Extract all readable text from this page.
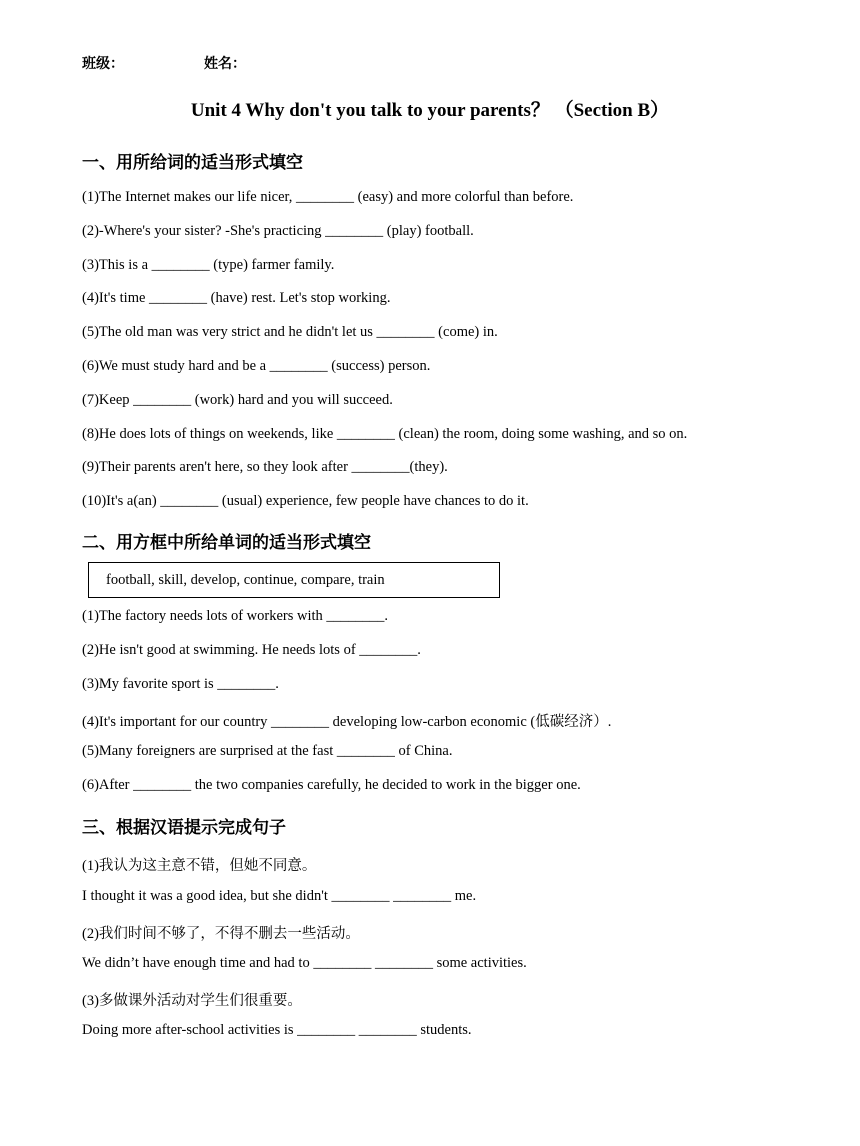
班级：	姓名：
Unit 4 Why don't you talk to your parents？ （Section B）
一、用所给词的适当形式填空
(1)The Internet makes our life nicer, ________ (easy) and more colorful than before.
(2)-Where's your sister? -She's practicing ________ (play) football.
(3)This is a ________ (type) farmer family.
(4)It's time ________ (have) rest. Let's stop working.
(5)The old man was very strict and he didn't let us ________ (come) in.
(6)We must study hard and be a ________ (success) person.
(7)Keep ________ (work) hard and you will succeed.
(8)He does lots of things on weekends, like ________ (clean) the room, doing some washing, and so on.
(9)Their parents aren't here, so they look after ________(they).
(10)It's a(an) ________ (usual) experience, few people have chances to do it.
二、用方框中所给单词的适当形式填空
football, skill, develop, continue, compare, train
(1)The factory needs lots of workers with ________.
(2)He isn't good at swimming. He needs lots of ________.
(3)My favorite sport is ________.
(4)It's important for our country ________ developing low-carbon economic (低碳经济）.
(5)Many foreigners are surprised at the fast ________ of China.
(6)After ________ the two companies carefully, he decided to work in the bigger one.
三、根据汉语提示完成句子
(1)我认为这主意不错，但她不同意。
I thought it was a good idea, but she didn't ________ ________ me.
(2)我们时间不够了，不得不删去一些活动。
We didn’t have enough time and had to ________ ________ some activities.
(3)多做课外活动对学生们很重要。
Doing more after-school activities is ________ ________ students.
